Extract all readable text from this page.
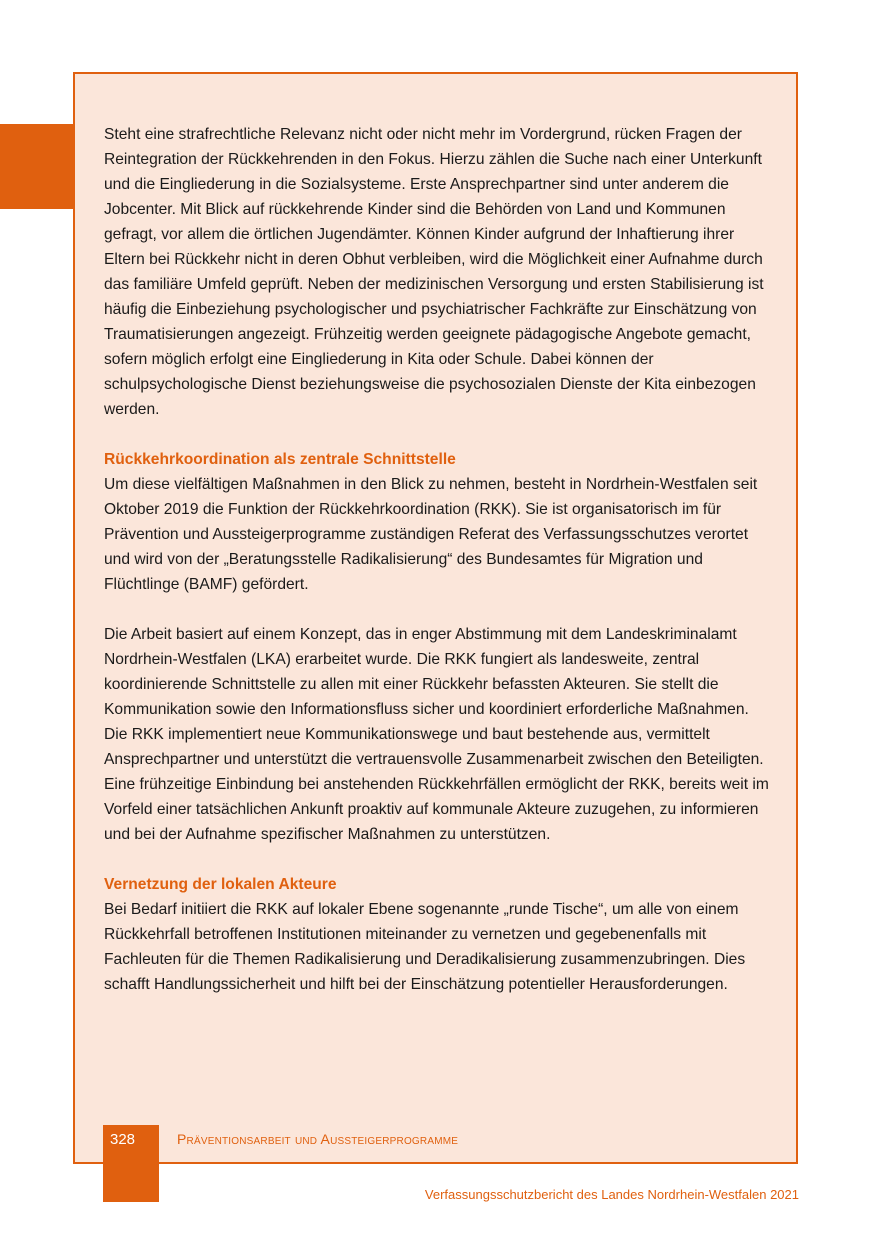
Steht eine strafrechtliche Relevanz nicht oder nicht mehr im Vordergrund, rücken Fragen der Reintegration der Rückkehrenden in den Fokus. Hierzu zählen die Suche nach einer Unterkunft und die Eingliederung in die Sozialsysteme. Erste Ansprechpartner sind unter anderem die Jobcenter. Mit Blick auf rückkehrende Kinder sind die Behörden von Land und Kommunen gefragt, vor allem die örtlichen Jugendämter. Können Kinder aufgrund der Inhaftierung ihrer Eltern bei Rückkehr nicht in deren Obhut verbleiben, wird die Möglichkeit einer Aufnahme durch das familiäre Umfeld geprüft. Neben der medizinischen Versorgung und ersten Stabilisierung ist häufig die Einbeziehung psychologischer und psychiatrischer Fachkräfte zur Einschätzung von Traumatisierungen angezeigt. Frühzeitig werden geeignete pädagogische Angebote gemacht, sofern möglich erfolgt eine Eingliederung in Kita oder Schule. Dabei können der schulpsychologische Dienst beziehungsweise die psychosozialen Dienste der Kita einbezogen werden.

Rückkehrkoordination als zentrale Schnittstelle

Um diese vielfältigen Maßnahmen in den Blick zu nehmen, besteht in Nordrhein-Westfalen seit Oktober 2019 die Funktion der Rückkehrkoordination (RKK). Sie ist organisatorisch im für Prävention und Aussteigerprogramme zuständigen Referat des Verfassungsschutzes verortet und wird von der „Beratungsstelle Radikalisierung“ des Bundesamtes für Migration und Flüchtlinge (BAMF) gefördert.

Die Arbeit basiert auf einem Konzept, das in enger Abstimmung mit dem Landeskriminalamt Nordrhein-Westfalen (LKA) erarbeitet wurde. Die RKK fungiert als landesweite, zentral koordinierende Schnittstelle zu allen mit einer Rückkehr befassten Akteuren. Sie stellt die Kommunikation sowie den Informationsfluss sicher und koordiniert erforderliche Maßnahmen. Die RKK implementiert neue Kommunikationswege und baut bestehende aus, vermittelt Ansprechpartner und unterstützt die vertrauensvolle Zusammenarbeit zwischen den Beteiligten. Eine frühzeitige Einbindung bei anstehenden Rückkehrfällen ermöglicht der RKK, bereits weit im Vorfeld einer tatsächlichen Ankunft proaktiv auf kommunale Akteure zuzugehen, zu informieren und bei der Aufnahme spezifischer Maßnahmen zu unterstützen.

Vernetzung der lokalen Akteure

Bei Bedarf initiiert die RKK auf lokaler Ebene sogenannte „runde Tische“, um alle von einem Rückkehrfall betroffenen Institutionen miteinander zu vernetzen und gegebenenfalls mit Fachleuten für die Themen Radikalisierung und Deradikalisierung zusammenzubringen. Dies schafft Handlungssicherheit und hilft bei der Einschätzung potentieller Herausforderungen.

328	Präventionsarbeit und Aussteigerprogramme
Verfassungsschutzbericht des Landes Nordrhein-Westfalen 2021
